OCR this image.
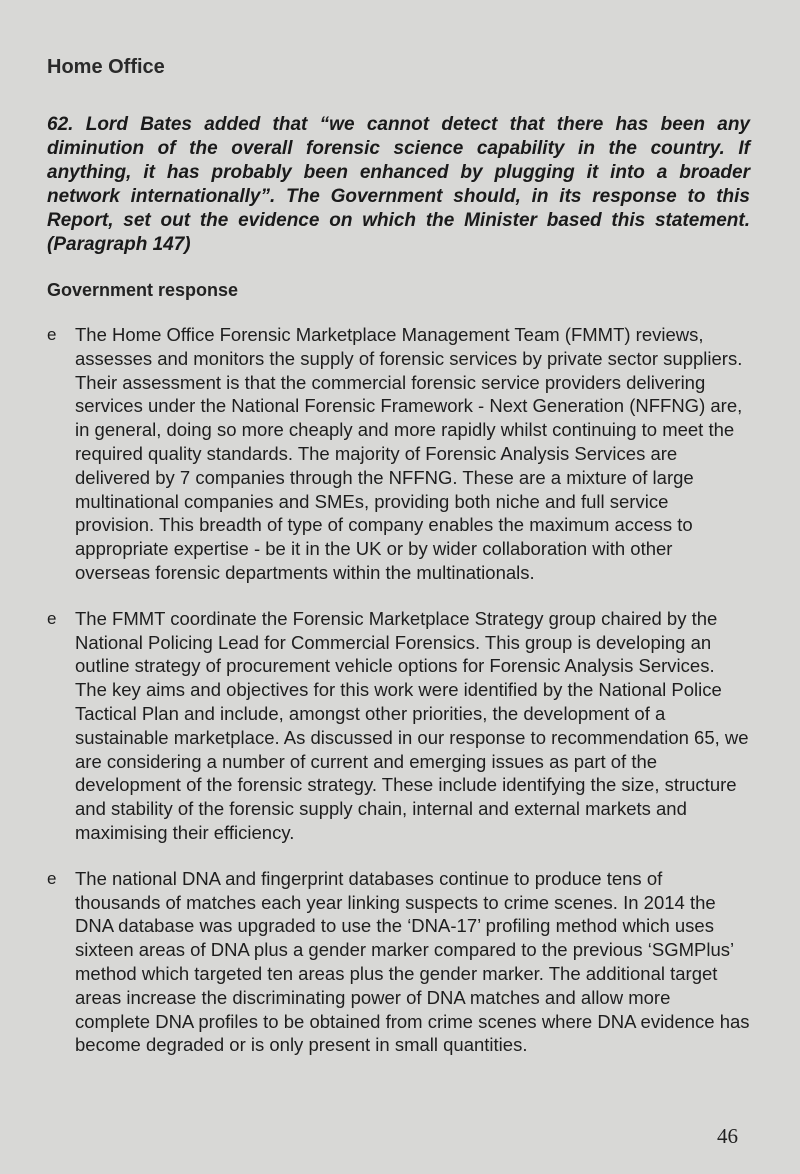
Home Office

62. Lord Bates added that “we cannot detect that there has been any diminution of the overall forensic science capability in the country. If anything, it has probably been enhanced by plugging it into a broader network internationally”. The Government should, in its response to this Report, set out the evidence on which the Minister based this statement. (Paragraph 147)

Government response
e	The Home Office Forensic Marketplace Management Team (FMMT) reviews, assesses and monitors the supply of forensic services by private sector suppliers. Their assessment is that the commercial forensic service providers delivering services under the National Forensic Framework - Next Generation (NFFNG) are, in general, doing so more cheaply and more rapidly whilst continuing to meet the required quality standards. The majority of Forensic Analysis Services are delivered by 7 companies through the NFFNG. These are a mixture of large multinational companies and SMEs, providing both niche and full service provision. This breadth of type of company enables the maximum access to appropriate expertise - be it in the UK or by wider collaboration with other overseas forensic departments within the multinationals.
e	The FMMT coordinate the Forensic Marketplace Strategy group chaired by the National Policing Lead for Commercial Forensics. This group is developing an outline strategy of procurement vehicle options for Forensic Analysis Services. The key aims and objectives for this work were identified by the National Police Tactical Plan and include, amongst other priorities, the development of a sustainable marketplace. As discussed in our response to recommendation 65, we are considering a number of current and emerging issues as part of the development of the forensic strategy. These include identifying the size, structure and stability of the forensic supply chain, internal and external markets and maximising their efficiency.
e	The national DNA and fingerprint databases continue to produce tens of thousands of matches each year linking suspects to crime scenes. In 2014 the DNA database was upgraded to use the ‘DNA-17’ profiling method which uses sixteen areas of DNA plus a gender marker compared to the previous ‘SGMPlus’ method which targeted ten areas plus the gender marker. The additional target areas increase the discriminating power of DNA matches and allow more complete DNA profiles to be obtained from crime scenes where DNA evidence has become degraded or is only present in small quantities.
46
